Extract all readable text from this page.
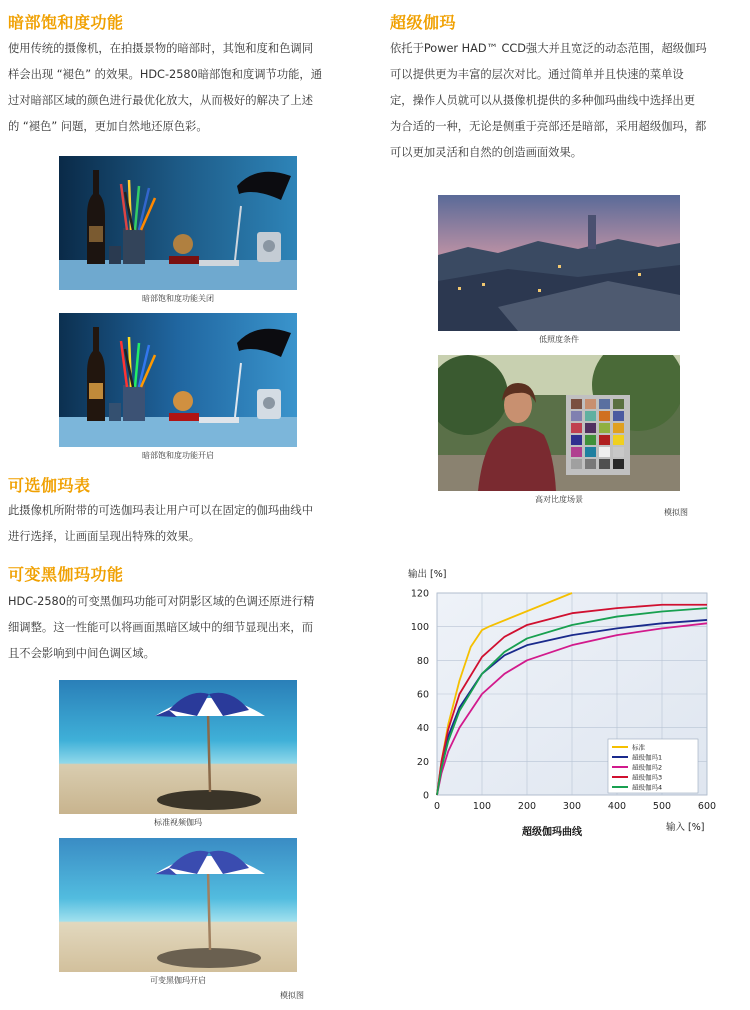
暗部饱和度功能
使用传统的摄像机，在拍摄景物的暗部时，其饱和度和色调同
样会出现 “褪色” 的效果。HDC-2580暗部饱和度调节功能，通
过对暗部区域的颜色进行最优化放大，从而极好的解决了上述
的 “褪色” 问题，更加自然地还原色彩。
暗部饱和度功能关闭
暗部饱和度功能开启
可选伽玛表
此摄像机所附带的可选伽玛表让用户可以在固定的伽玛曲线中
进行选择，让画面呈现出特殊的效果。
可变黑伽玛功能
HDC-2580的可变黑伽玛功能可对阴影区域的色调还原进行精
细调整。这一性能可以将画面黑暗区域中的细节显现出来，而
且不会影响到中间色调区域。
标准视频伽玛
可变黑伽玛开启
模拟图
超级伽玛
依托于Power HAD™ CCD强大并且宽泛的动态范围，超级伽玛
可以提供更为丰富的层次对比。通过简单并且快速的菜单设
定，操作人员就可以从摄像机提供的多种伽玛曲线中选择出更
为合适的一种，无论是侧重于亮部还是暗部，采用超级伽玛，都
可以更加灵活和自然的创造画面效果。
低照度条件
高对比度场景
模拟图
0
20
40
60
80
100
120
0	100	200	300	400	500	600
输出 [%]
输入 [%]
超级伽玛曲线
标准
超级伽玛1
超级伽玛2
超级伽玛3
超级伽玛4
